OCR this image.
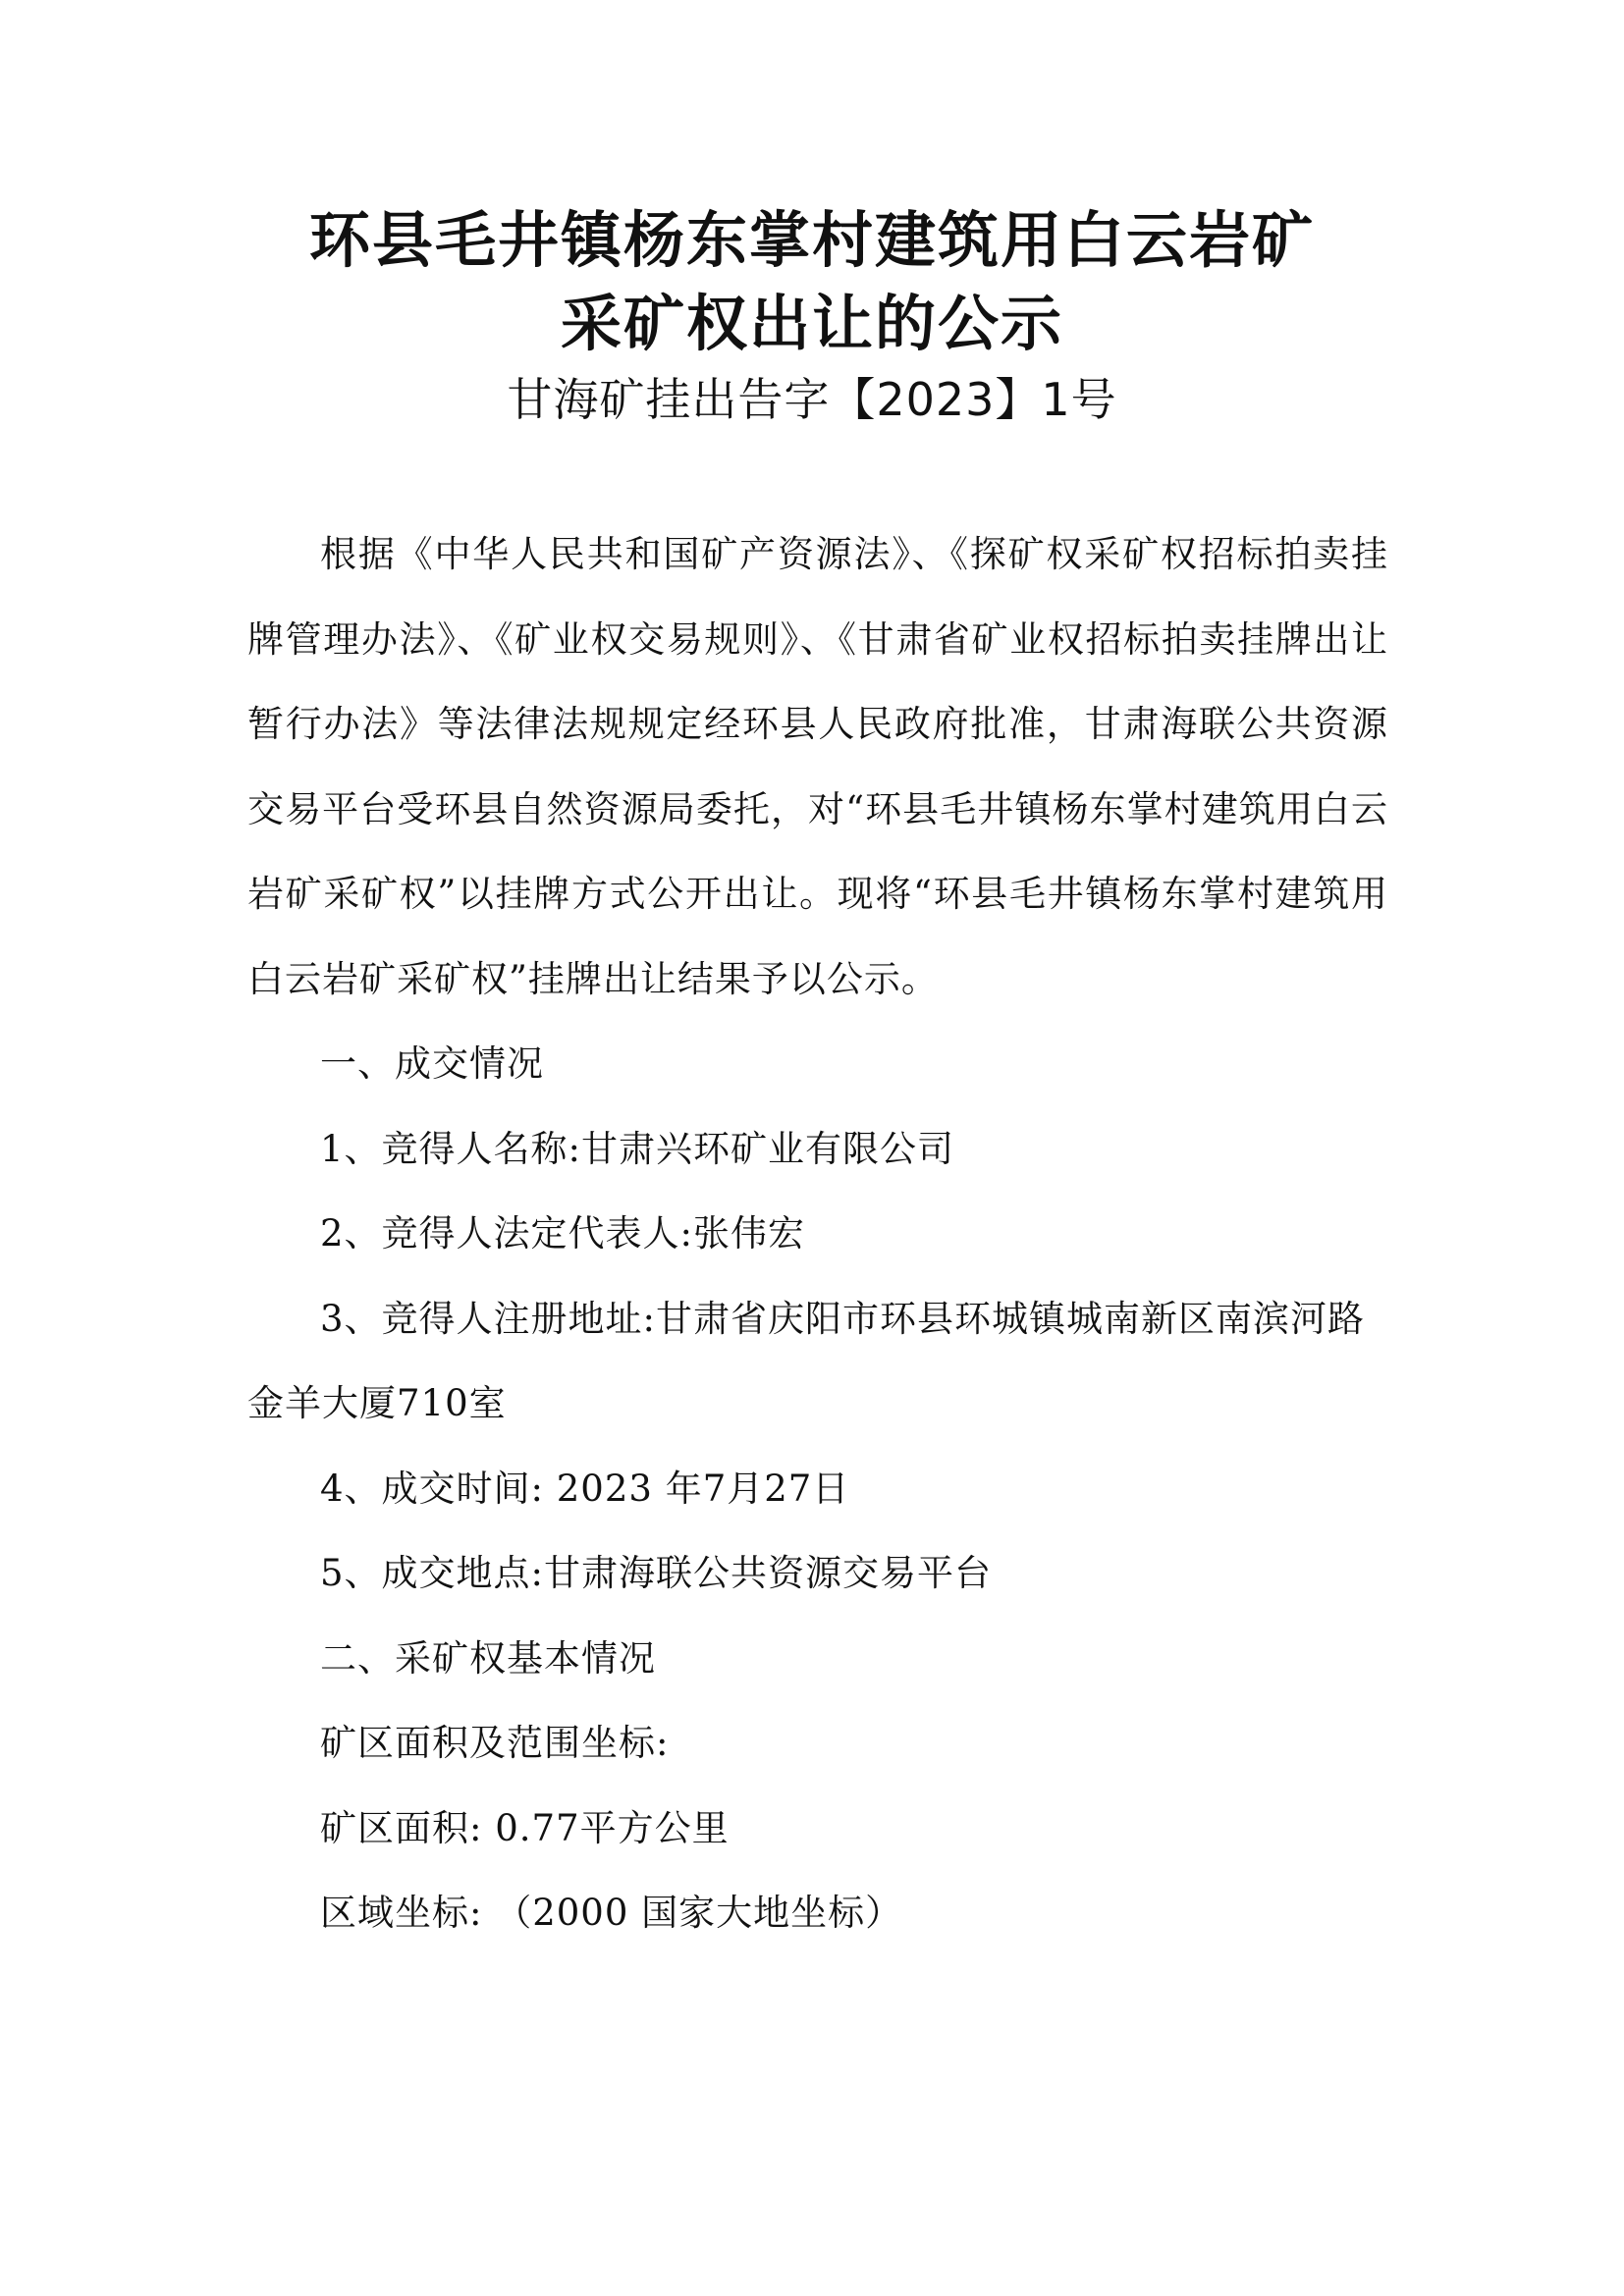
环县毛井镇杨东掌村建筑用白云岩矿
采矿权出让的公示
甘海矿挂出告字【2023】1号

根据《中华人民共和国矿产资源法》、《探矿权采矿权招标拍卖挂牌管理办法》、《矿业权交易规则》、《甘肃省矿业权招标拍卖挂牌出让暂行办法》等法律法规规定经环县人民政府批准，甘肃海联公共资源交易平台受环县自然资源局委托，对“环县毛井镇杨东掌村建筑用白云岩矿采矿权”以挂牌方式公开出让。现将“环县毛井镇杨东掌村建筑用白云岩矿采矿权”挂牌出让结果予以公示。

一、成交情况

1、竞得人名称:甘肃兴环矿业有限公司

2、竞得人法定代表人:张伟宏

3、竞得人注册地址:甘肃省庆阳市环县环城镇城南新区南滨河路金羊大厦710室

4、成交时间: 2023 年7月27日

5、成交地点:甘肃海联公共资源交易平台

二、采矿权基本情况

矿区面积及范围坐标:

矿区面积: 0.77平方公里

区域坐标: （2000 国家大地坐标）
